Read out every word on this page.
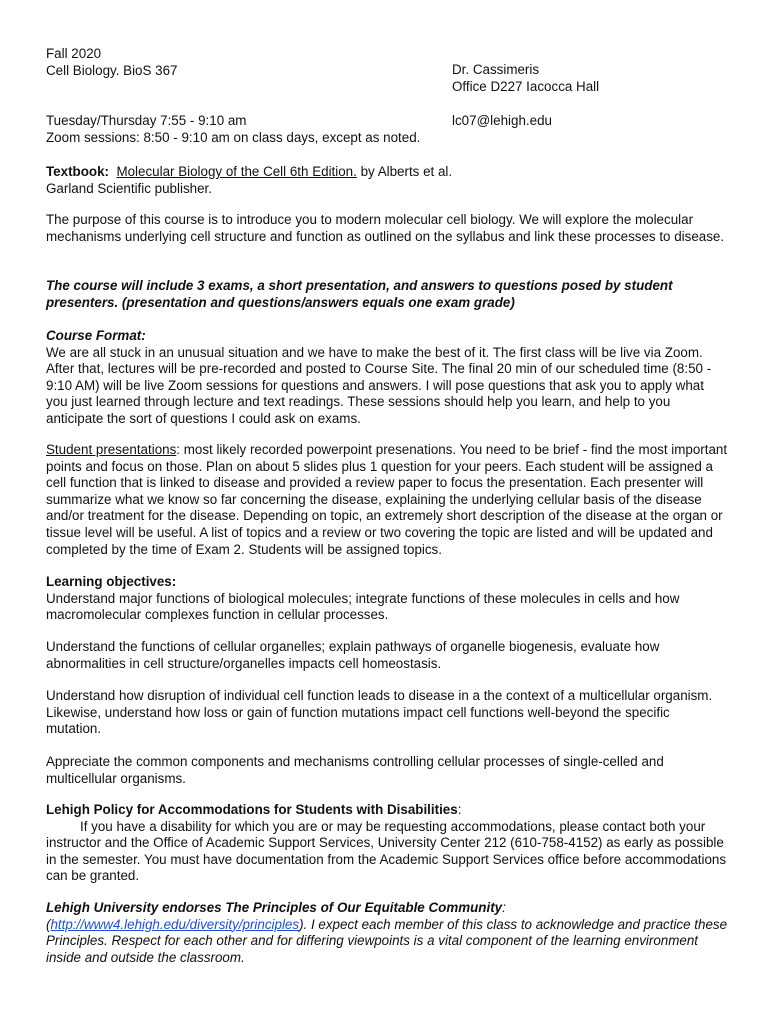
Fall 2020

Cell Biology. BioS 367	Dr. Cassimeris

Office D227 Iacocca Hall

Tuesday/Thursday 7:55 - 9:10 am

Zoom sessions: 8:50 - 9:10 am on class days, except as noted.

lc07@lehigh.edu

Textbook: Molecular Biology of the Cell 6th Edition. by Alberts et al.

Garland Scientific publisher.

The purpose of this course is to introduce you to modern molecular cell biology. We will explore the molecular mechanisms underlying cell structure and function as outlined on the syllabus and link these processes to disease.

The course will include 3 exams, a short presentation, and answers to questions posed by student presenters. (presentation and questions/answers equals one exam grade)

Course Format:

We are all stuck in an unusual situation and we have to make the best of it. The first class will be live via Zoom. After that, lectures will be pre-recorded and posted to Course Site. The final 20 min of our scheduled time (8:50 - 9:10 AM) will be live Zoom sessions for questions and answers. I will pose questions that ask you to apply what you just learned through lecture and text readings. These sessions should help you learn, and help to you anticipate the sort of questions I could ask on exams.

Student presentations: most likely recorded powerpoint presenations. You need to be brief - find the most important points and focus on those. Plan on about 5 slides plus 1 question for your peers. Each student will be assigned a cell function that is linked to disease and provided a review paper to focus the presentation. Each presenter will summarize what we know so far concerning the disease, explaining the underlying cellular basis of the disease and/or treatment for the disease. Depending on topic, an extremely short description of the disease at the organ or tissue level will be useful. A list of topics and a review or two covering the topic are listed and will be updated and completed by the time of Exam 2. Students will be assigned topics.

Learning objectives:

Understand major functions of biological molecules; integrate functions of these molecules in cells and how macromolecular complexes function in cellular processes.

Understand the functions of cellular organelles; explain pathways of organelle biogenesis, evaluate how abnormalities in cell structure/organelles impacts cell homeostasis.

Understand how disruption of individual cell function leads to disease in a the context of a multicellular organism. Likewise, understand how loss or gain of function mutations impact cell functions well-beyond the specific mutation.

Appreciate the common components and mechanisms controlling cellular processes of single-celled and multicellular organisms.

Lehigh Policy for Accommodations for Students with Disabilities:

If you have a disability for which you are or may be requesting accommodations, please contact both your instructor and the Office of Academic Support Services, University Center 212 (610-758-4152) as early as possible in the semester. You must have documentation from the Academic Support Services office before accommodations can be granted.

Lehigh University endorses The Principles of Our Equitable Community:

(http://www4.lehigh.edu/diversity/principles). I expect each member of this class to acknowledge and practice these Principles. Respect for each other and for differing viewpoints is a vital component of the learning environment inside and outside the classroom.
